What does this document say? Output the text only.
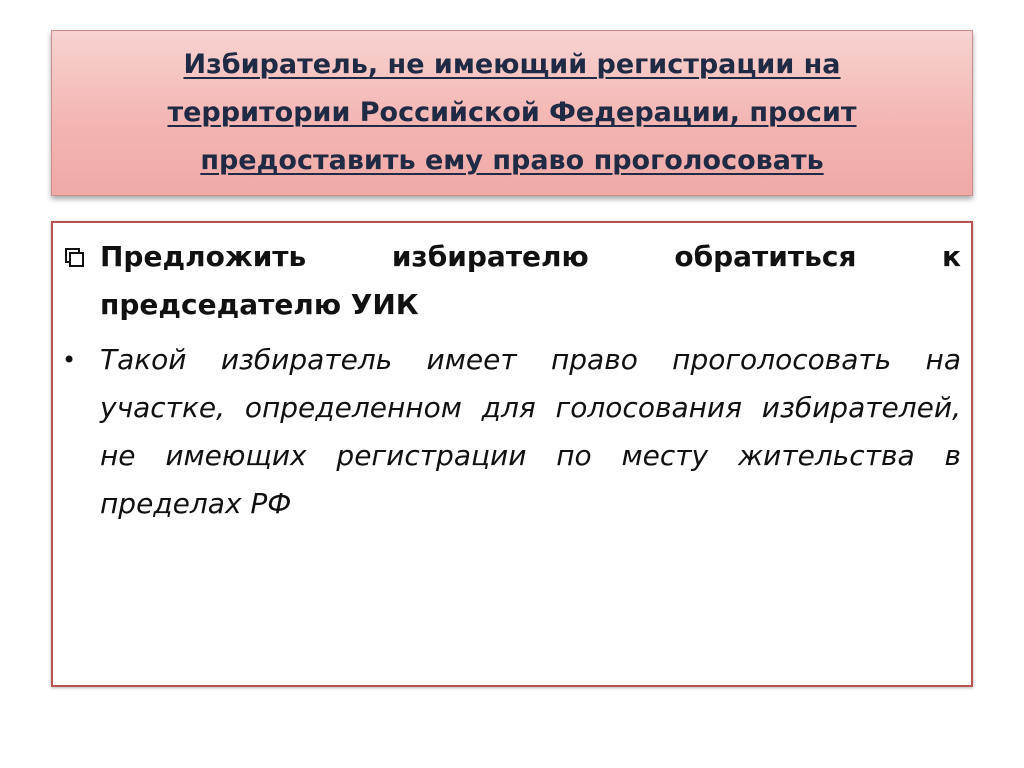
Избиратель, не имеющий регистрации на территории Российской Федерации, просит предоставить ему право проголосовать

Предложить избирателю обратиться к председателю УИК
• Такой избиратель имеет право проголосовать на участке, определенном для голосования избирателей, не имеющих регистрации по месту жительства в пределах РФ
